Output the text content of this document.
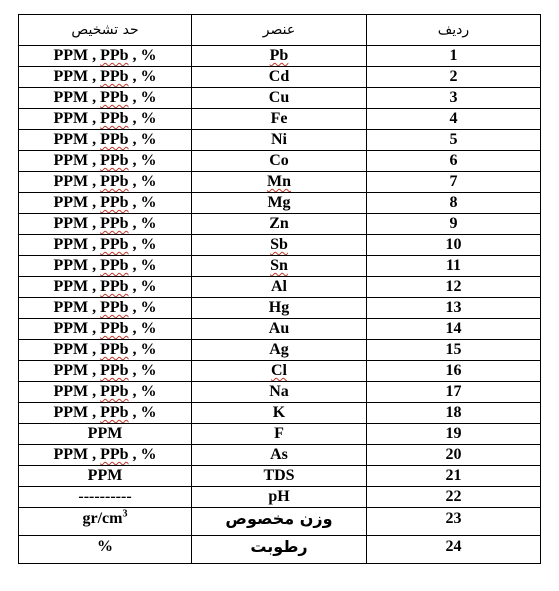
حد تشخیص	عنصر	ردیف
PPM , PPb , %	Pb	1
PPM , PPb , %	Cd	2
PPM , PPb , %	Cu	3
PPM , PPb , %	Fe	4
PPM , PPb , %	Ni	5
PPM , PPb , %	Co	6
PPM , PPb , %	Mn	7
PPM , PPb , %	Mg	8
PPM , PPb , %	Zn	9
PPM , PPb , %	Sb	10
PPM , PPb , %	Sn	11
PPM , PPb , %	Al	12
PPM , PPb , %	Hg	13
PPM , PPb , %	Au	14
PPM , PPb , %	Ag	15
PPM , PPb , %	Cl	16
PPM , PPb , %	Na	17
PPM , PPb , %	K	18
PPM	F	19
PPM , PPb , %	As	20
PPM	TDS	21
----------	pH	22
$gr/cm^3$	وزن مخصوص	23
%	رطوبت	24
